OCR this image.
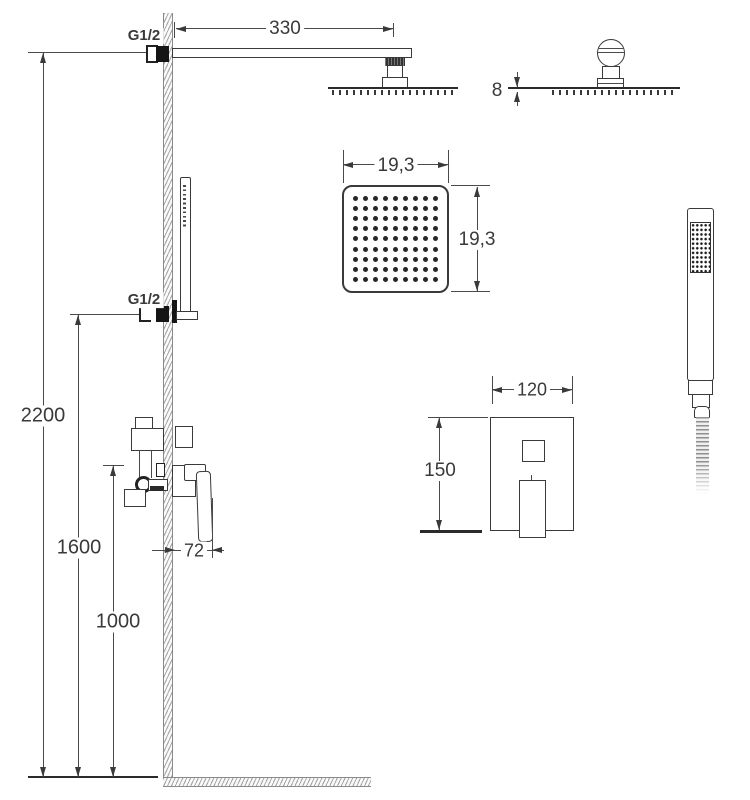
2200
1600
1000
G1/2	330
8
19,3
19,3
G1/2
72
120
150
